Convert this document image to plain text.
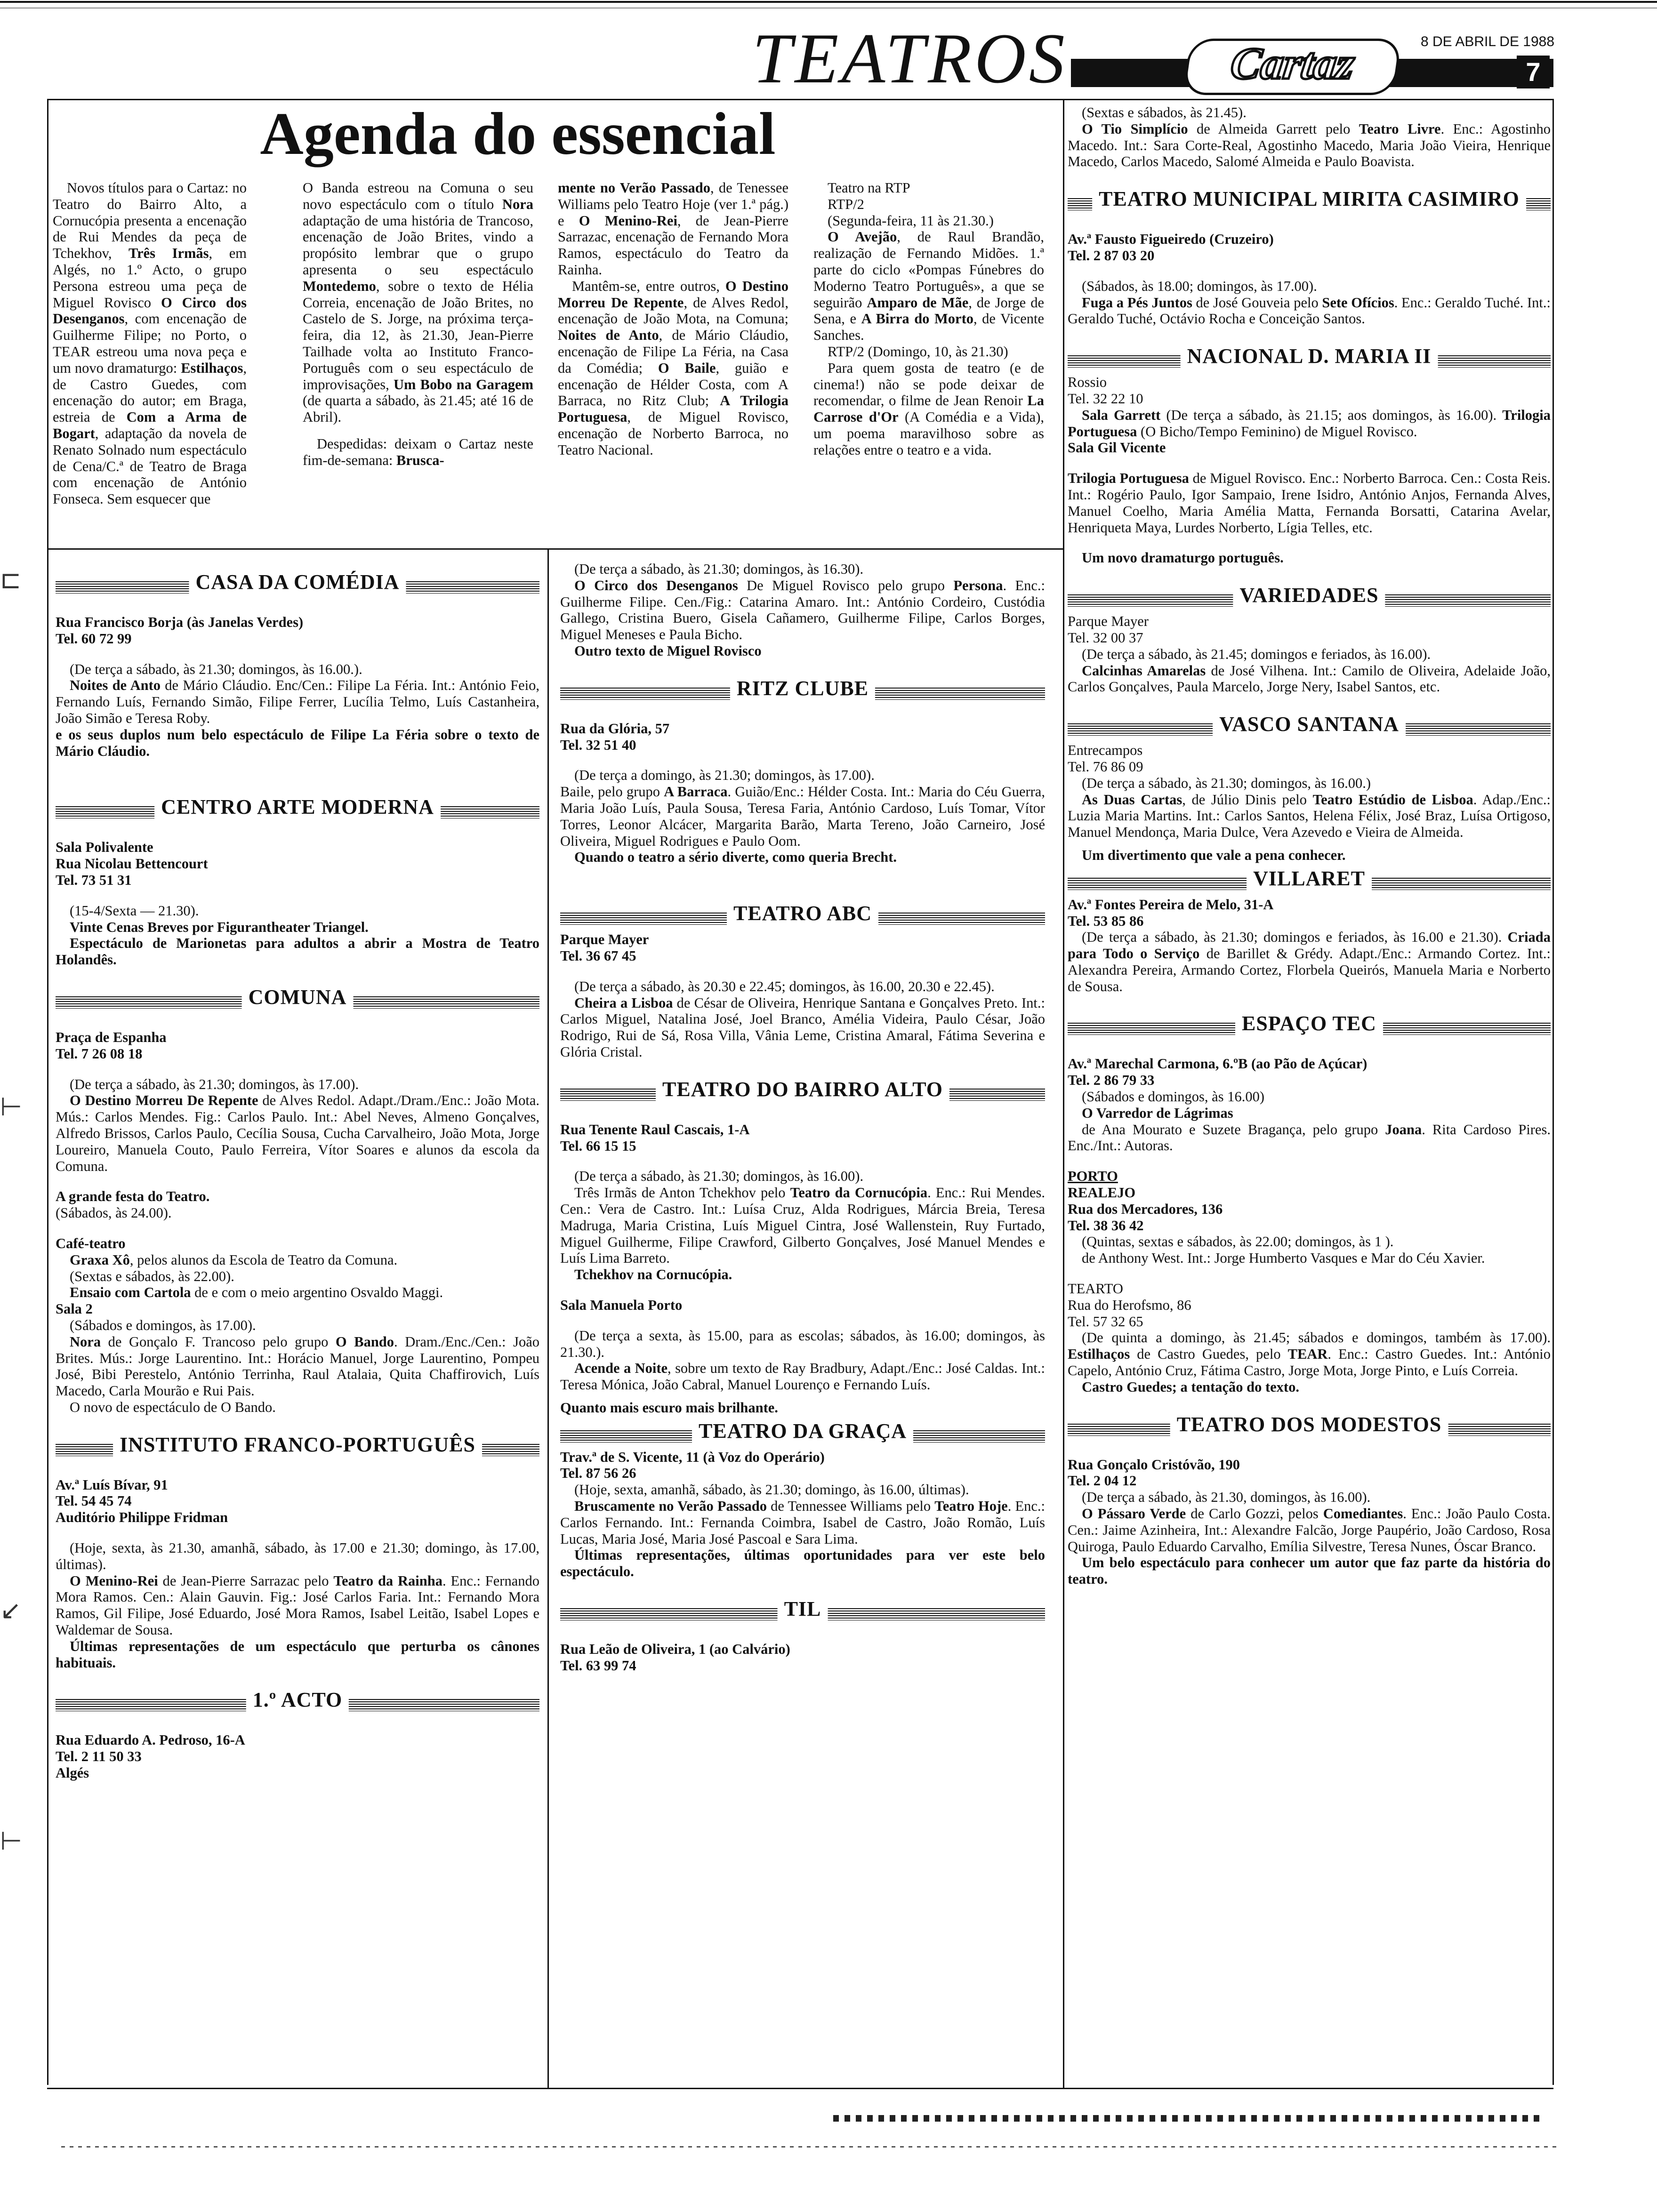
TEATROS	Cartaz	8 DE ABRIL DE 1988
7
Agenda do essencial

Novos títulos para o Cartaz: no Teatro do Bairro Alto, a Cornucópia presenta a encenação de Rui Mendes da peça de Tchekhov, Três Irmãs, em Algés, no 1.º Acto, o grupo Persona estreou uma peça de Miguel Rovisco O Circo dos Desenganos, com encenação de Guilherme Filipe; no Porto, o TEAR estreou uma nova peça e um novo dramaturgo: Estilhaços, de Castro Guedes, com encenação do autor; em Braga, estreia de Com a Arma de Bogart, adaptação da novela de Renato Solnado num espectáculo de Cena/C.ª de Teatro de Braga com encenação de António Fonseca. Sem esquecer que

O Banda estreou na Comuna o seu novo espectáculo com o título Nora adaptação de uma história de Trancoso, encenação de João Brites, vindo a propósito lembrar que o grupo apresenta o seu espectáculo Montedemo, sobre o texto de Hélia Correia, encenação de João Brites, no Castelo de S. Jorge, na próxima terça-feira, dia 12, às 21.30, Jean-Pierre Tailhade volta ao Instituto Franco-Português com o seu espectáculo de improvisações, Um Bobo na Garagem (de quarta a sábado, às 21.45; até 16 de Abril).

Despedidas: deixam o Cartaz neste fim-de-semana: Brusca-

mente no Verão Passado, de Tenessee Williams pelo Teatro Hoje (ver 1.ª pág.) e O Menino-Rei, de Jean-Pierre Sarrazac, encenação de Fernando Mora Ramos, espectáculo do Teatro da Rainha.

Mantêm-se, entre outros, O Destino Morreu De Repente, de Alves Redol, encenação de João Mota, na Comuna; Noites de Anto, de Mário Cláudio, encenação de Filipe La Féria, na Casa da Comédia; O Baile, guião e encenação de Hélder Costa, com A Barraca, no Ritz Club; A Trilogia Portuguesa, de Miguel Rovisco, encenação de Norberto Barroca, no Teatro Nacional.

Teatro na RTP

RTP/2

(Segunda-feira, 11 às 21.30.)

O Avejão, de Raul Brandão, realização de Fernando Midões. 1.ª parte do ciclo «Pompas Fúnebres do Moderno Teatro Português», a que se seguirão Amparo de Mãe, de Jorge de Sena, e A Birra do Morto, de Vicente Sanches.

RTP/2 (Domingo, 10, às 21.30)

Para quem gosta de teatro (e de cinema!) não se pode deixar de recomendar, o filme de Jean Renoir La Carrose d'Or (A Comédia e a Vida), um poema maravilhoso sobre as relações entre o teatro e a vida.

CASA DA COMÉDIA

Rua Francisco Borja (às Janelas Verdes)

Tel. 60 72 99

(De terça a sábado, às 21.30; domingos, às 16.00.).

Noites de Anto de Mário Cláudio. Enc/Cen.: Filipe La Féria. Int.: António Feio, Fernando Luís, Fernando Simão, Filipe Ferrer, Lucília Telmo, Luís Castanheira, João Simão e Teresa Roby.

e os seus duplos num belo espectáculo de Filipe La Féria sobre o texto de Mário Cláudio.

CENTRO ARTE MODERNA

Sala Polivalente

Rua Nicolau Bettencourt

Tel. 73 51 31

(15-4/Sexta — 21.30).

Vinte Cenas Breves por Figurantheater Triangel.

Espectáculo de Marionetas para adultos a abrir a Mostra de Teatro Holandês.

COMUNA

Praça de Espanha

Tel. 7 26 08 18

(De terça a sábado, às 21.30; domingos, às 17.00).

O Destino Morreu De Repente de Alves Redol. Adapt./Dram./Enc.: João Mota. Mús.: Carlos Mendes. Fig.: Carlos Paulo. Int.: Abel Neves, Almeno Gonçalves, Alfredo Brissos, Carlos Paulo, Cecília Sousa, Cucha Carvalheiro, João Mota, Jorge Loureiro, Manuela Couto, Paulo Ferreira, Vítor Soares e alunos da escola da Comuna.

A grande festa do Teatro.

(Sábados, às 24.00).

Café-teatro

Graxa Xô, pelos alunos da Escola de Teatro da Comuna.

(Sextas e sábados, às 22.00).

Ensaio com Cartola de e com o meio argentino Osvaldo Maggi.

Sala 2

(Sábados e domingos, às 17.00).

Nora de Gonçalo F. Trancoso pelo grupo O Bando. Dram./Enc./Cen.: João Brites. Mús.: Jorge Laurentino. Int.: Horácio Manuel, Jorge Laurentino, Pompeu José, Bibi Perestelo, António Terrinha, Raul Atalaia, Quita Chaffirovich, Luís Macedo, Carla Mourão e Rui Pais.

O novo de espectáculo de O Bando.

INSTITUTO FRANCO-PORTUGUÊS

Av.ª Luís Bívar, 91

Tel. 54 45 74

Auditório Philippe Fridman

(Hoje, sexta, às 21.30, amanhã, sábado, às 17.00 e 21.30; domingo, às 17.00, últimas).

O Menino-Rei de Jean-Pierre Sarrazac pelo Teatro da Rainha. Enc.: Fernando Mora Ramos. Cen.: Alain Gauvin. Fig.: José Carlos Faria. Int.: Fernando Mora Ramos, Gil Filipe, José Eduardo, José Mora Ramos, Isabel Leitão, Isabel Lopes e Waldemar de Sousa.

Últimas representações de um espectáculo que perturba os cânones habituais.

1.º ACTO

Rua Eduardo A. Pedroso, 16-A

Tel. 2 11 50 33

Algés

(De terça a sábado, às 21.30; domingos, às 16.30).

O Circo dos Desenganos De Miguel Rovisco pelo grupo Persona. Enc.: Guilherme Filipe. Cen./Fig.: Catarina Amaro. Int.: António Cordeiro, Custódia Gallego, Cristina Buero, Gisela Cañamero, Guilherme Filipe, Carlos Borges, Miguel Meneses e Paula Bicho.

Outro texto de Miguel Rovisco

RITZ CLUBE

Rua da Glória, 57

Tel. 32 51 40

(De terça a domingo, às 21.30; domingos, às 17.00).

Baile, pelo grupo A Barraca. Guião/Enc.: Hélder Costa. Int.: Maria do Céu Guerra, Maria João Luís, Paula Sousa, Teresa Faria, António Cardoso, Luís Tomar, Vítor Torres, Leonor Alcácer, Margarita Barão, Marta Tereno, João Carneiro, José Oliveira, Miguel Rodrigues e Paulo Oom.

Quando o teatro a sério diverte, como queria Brecht.

TEATRO ABC

Parque Mayer

Tel. 36 67 45

(De terça a sábado, às 20.30 e 22.45; domingos, às 16.00, 20.30 e 22.45).

Cheira a Lisboa de César de Oliveira, Henrique Santana e Gonçalves Preto. Int.: Carlos Miguel, Natalina José, Joel Branco, Amélia Videira, Paulo César, João Rodrigo, Rui de Sá, Rosa Villa, Vânia Leme, Cristina Amaral, Fátima Severina e Glória Cristal.

TEATRO DO BAIRRO ALTO

Rua Tenente Raul Cascais, 1-A

Tel. 66 15 15

(De terça a sábado, às 21.30; domingos, às 16.00).

Três Irmãs de Anton Tchekhov pelo Teatro da Cornucópia. Enc.: Rui Mendes. Cen.: Vera de Castro. Int.: Luísa Cruz, Alda Rodrigues, Márcia Breia, Teresa Madruga, Maria Cristina, Luís Miguel Cintra, José Wallenstein, Ruy Furtado, Miguel Guilherme, Filipe Crawford, Gilberto Gonçalves, José Manuel Mendes e Luís Lima Barreto.

Tchekhov na Cornucópia.

Sala Manuela Porto

(De terça a sexta, às 15.00, para as escolas; sábados, às 16.00; domingos, às 21.30.).

Acende a Noite, sobre um texto de Ray Bradbury, Adapt./Enc.: José Caldas. Int.: Teresa Mónica, João Cabral, Manuel Lourenço e Fernando Luís.

Quanto mais escuro mais brilhante.

TEATRO DA GRAÇA

Trav.ª de S. Vicente, 11 (à Voz do Operário)

Tel. 87 56 26

(Hoje, sexta, amanhã, sábado, às 21.30; domingo, às 16.00, últimas).

Bruscamente no Verão Passado de Tennessee Williams pelo Teatro Hoje. Enc.: Carlos Fernando. Int.: Fernanda Coimbra, Isabel de Castro, João Romão, Luís Lucas, Maria José, Maria José Pascoal e Sara Lima.

Últimas representações, últimas oportunidades para ver este belo espectáculo.

TIL

Rua Leão de Oliveira, 1 (ao Calvário)

Tel. 63 99 74

(Sextas e sábados, às 21.45).

O Tio Simplício de Almeida Garrett pelo Teatro Livre. Enc.: Agostinho Macedo. Int.: Sara Corte-Real, Agostinho Macedo, Maria João Vieira, Henrique Macedo, Carlos Macedo, Salomé Almeida e Paulo Boavista.

TEATRO MUNICIPAL MIRITA CASIMIRO

Av.ª Fausto Figueiredo (Cruzeiro)

Tel. 2 87 03 20

(Sábados, às 18.00; domingos, às 17.00).

Fuga a Pés Juntos de José Gouveia pelo Sete Ofícios. Enc.: Geraldo Tuché. Int.: Geraldo Tuché, Octávio Rocha e Conceição Santos.

NACIONAL D. MARIA II

Rossio

Tel. 32 22 10

Sala Garrett (De terça a sábado, às 21.15; aos domingos, às 16.00). Trilogia Portuguesa (O Bicho/Tempo Feminino) de Miguel Rovisco.

Sala Gil Vicente

Trilogia Portuguesa de Miguel Rovisco. Enc.: Norberto Barroca. Cen.: Costa Reis. Int.: Rogério Paulo, Igor Sampaio, Irene Isidro, António Anjos, Fernanda Alves, Manuel Coelho, Maria Amélia Matta, Fernanda Borsatti, Catarina Avelar, Henriqueta Maya, Lurdes Norberto, Lígia Telles, etc.

Um novo dramaturgo português.

VARIEDADES

Parque Mayer

Tel. 32 00 37

(De terça a sábado, às 21.45; domingos e feriados, às 16.00).

Calcinhas Amarelas de José Vilhena. Int.: Camilo de Oliveira, Adelaide João, Carlos Gonçalves, Paula Marcelo, Jorge Nery, Isabel Santos, etc.

VASCO SANTANA

Entrecampos

Tel. 76 86 09

(De terça a sábado, às 21.30; domingos, às 16.00.)

As Duas Cartas, de Júlio Dinis pelo Teatro Estúdio de Lisboa. Adap./Enc.: Luzia Maria Martins. Int.: Carlos Santos, Helena Félix, José Braz, Luísa Ortigoso, Manuel Mendonça, Maria Dulce, Vera Azevedo e Vieira de Almeida.

Um divertimento que vale a pena conhecer.

VILLARET

Av.ª Fontes Pereira de Melo, 31-A

Tel. 53 85 86

(De terça a sábado, às 21.30; domingos e feriados, às 16.00 e 21.30). Criada para Todo o Serviço de Barillet & Grédy. Adapt./Enc.: Armando Cortez. Int.: Alexandra Pereira, Armando Cortez, Florbela Queirós, Manuela Maria e Norberto de Sousa.

ESPAÇO TEC

Av.ª Marechal Carmona, 6.ºB (ao Pão de Açúcar)

Tel. 2 86 79 33

(Sábados e domingos, às 16.00)

O Varredor de Lágrimas

de Ana Mourato e Suzete Bragança, pelo grupo Joana. Rita Cardoso Pires. Enc./Int.: Autoras.

PORTO

REALEJO

Rua dos Mercadores, 136

Tel. 38 36 42

(Quintas, sextas e sábados, às 22.00; domingos, às 1 ).

de Anthony West. Int.: Jorge Humberto Vasques e Mar do Céu Xavier.

TEARTO

Rua do Herofsmo, 86

Tel. 57 32 65

(De quinta a domingo, às 21.45; sábados e domingos, também às 17.00). Estilhaços de Castro Guedes, pelo TEAR. Enc.: Castro Guedes. Int.: António Capelo, António Cruz, Fátima Castro, Jorge Mota, Jorge Pinto, e Luís Correia.

Castro Guedes; a tentação do texto.

TEATRO DOS MODESTOS

Rua Gonçalo Cristóvão, 190

Tel. 2 04 12

(De terça a sábado, às 21.30, domingos, às 16.00).

O Pássaro Verde de Carlo Gozzi, pelos Comediantes. Enc.: João Paulo Costa. Cen.: Jaime Azinheira, Int.: Alexandre Falcão, Jorge Paupério, João Cardoso, Rosa Quiroga, Paulo Eduardo Carvalho, Emília Silvestre, Teresa Nunes, Óscar Branco.

Um belo espectáculo para conhecer um autor que faz parte da história do teatro.

⊏
⊢
↙
⊢
